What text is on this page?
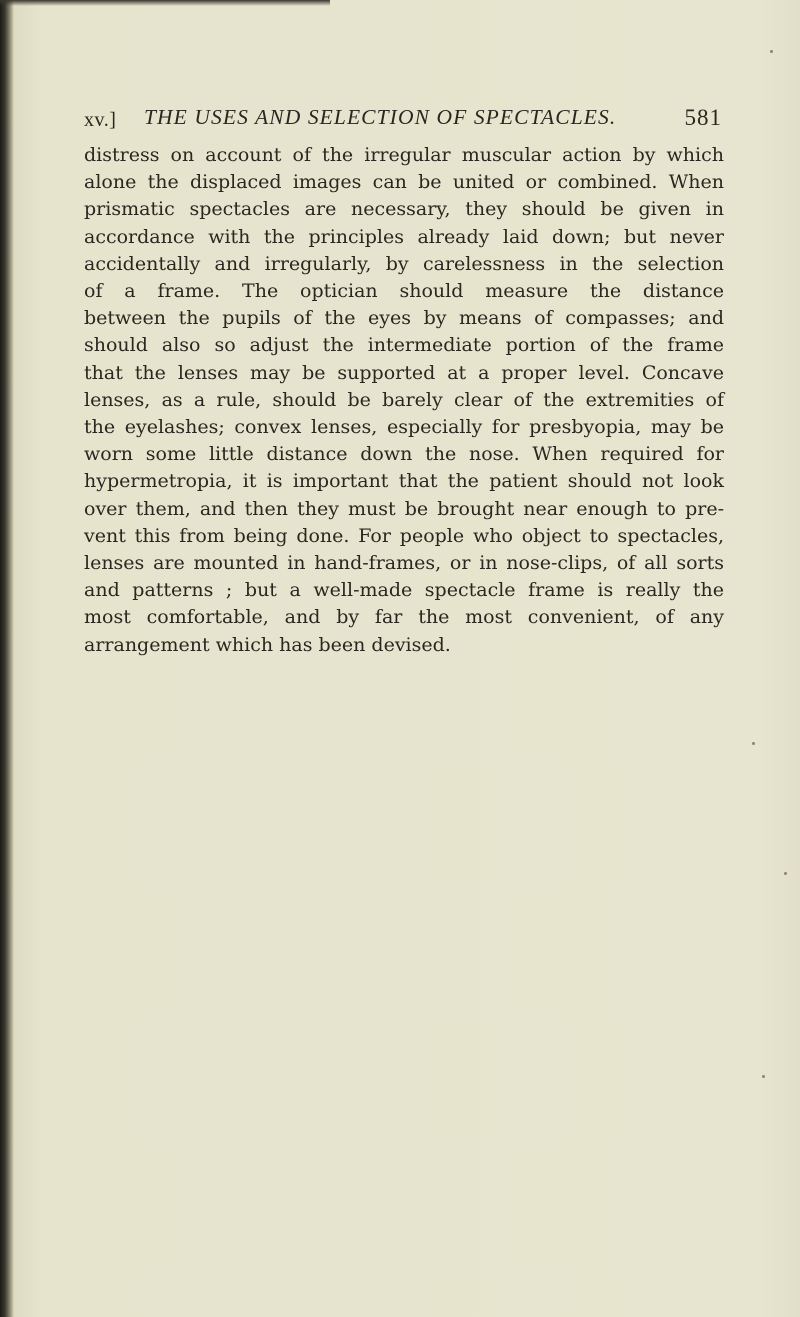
xv.] THE USES AND SELECTION OF SPECTACLES.	581
distress on account of the irregular muscular action by which
alone the displaced images can be united or combined. When
prismatic spectacles are necessary, they should be given in
accordance with the principles already laid down; but never
accidentally and irregularly, by carelessness in the selection
of a frame. The optician should measure the distance
between the pupils of the eyes by means of compasses; and
should also so adjust the intermediate portion of the frame
that the lenses may be supported at a proper level. Concave
lenses, as a rule, should be barely clear of the extremities of
the eyelashes; convex lenses, especially for presbyopia, may be
worn some little distance down the nose. When required for
hypermetropia, it is important that the patient should not look
over them, and then they must be brought near enough to pre-
vent this from being done. For people who object to spectacles,
lenses are mounted in hand-frames, or in nose-clips, of all sorts
and patterns ; but a well-made spectacle frame is really the
most comfortable, and by far the most convenient, of any
arrangement which has been devised.
